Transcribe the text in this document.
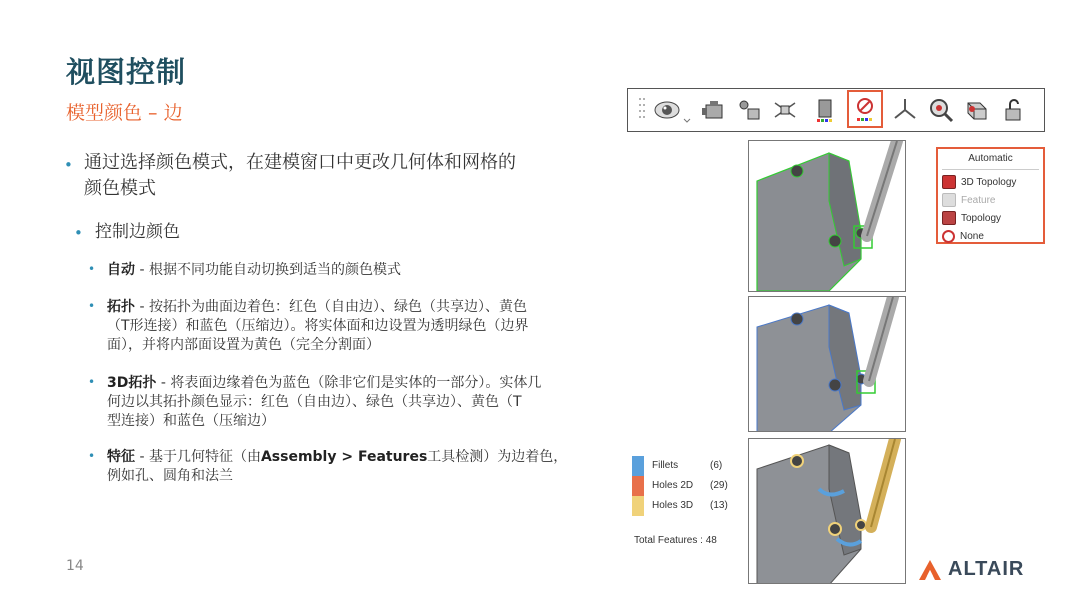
视图控制
模型颜色 – 边
• 通过选择颜色模式，在建模窗口中更改几何体和网格的
颜色模式
• 控制边颜色
• 自动 - 根据不同功能自动切换到适当的颜色模式
• 拓扑 - 按拓扑为曲面边着色：红色（自由边）、绿色（共享边）、黄色
（T形连接）和蓝色（压缩边）。将实体面和边设置为透明绿色（边界
面），并将内部面设置为黄色（完全分割面）
• 3D拓扑 - 将表面边缘着色为蓝色（除非它们是实体的一部分）。实体几
何边以其拓扑颜色显示：红色（自由边）、绿色（共享边）、黄色（T
型连接）和蓝色（压缩边）
• 特征 - 基于几何特征（由Assembly > Features工具检测）为边着色，
例如孔、圆角和法兰
Automatic
3D Topology
Feature
Topology
None
Fillets	(6)
Holes 2D (29)
Holes 3D (13)
Total Features : 48
14	ALTAIR
